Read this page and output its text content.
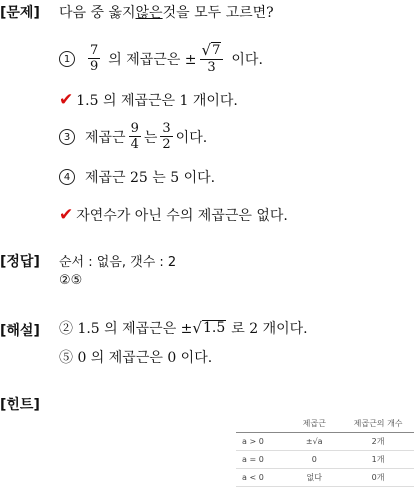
[문제] 다음 중 옳지 않은 것을 모두 고르면?
1	$\frac{7}{9}$ 의 제곱근은 ± $\frac{√ 7}{3}$ 이다.
✔ 1.5 의 제곱근은 1 개이다.
3	제곱근 $\frac{9}{4}$ 는 $\frac{3}{2}$ 이다.
4	제곱근 25 는 5 이다.
✔ 자연수가 아닌 수의 제곱근은 없다.
[정답] 순서 : 없음, 갯수 : 2
②⑤
[해설] ② 1.5 의 제곱근은 ± √ 1.5 로 2 개이다.
⑤ 0 의 제곱근은 0 이다.
[힌트]
	제곱근	제곱근의 개수
a > 0	±√a	2개
a = 0	0	1개
a < 0	없다	0개
